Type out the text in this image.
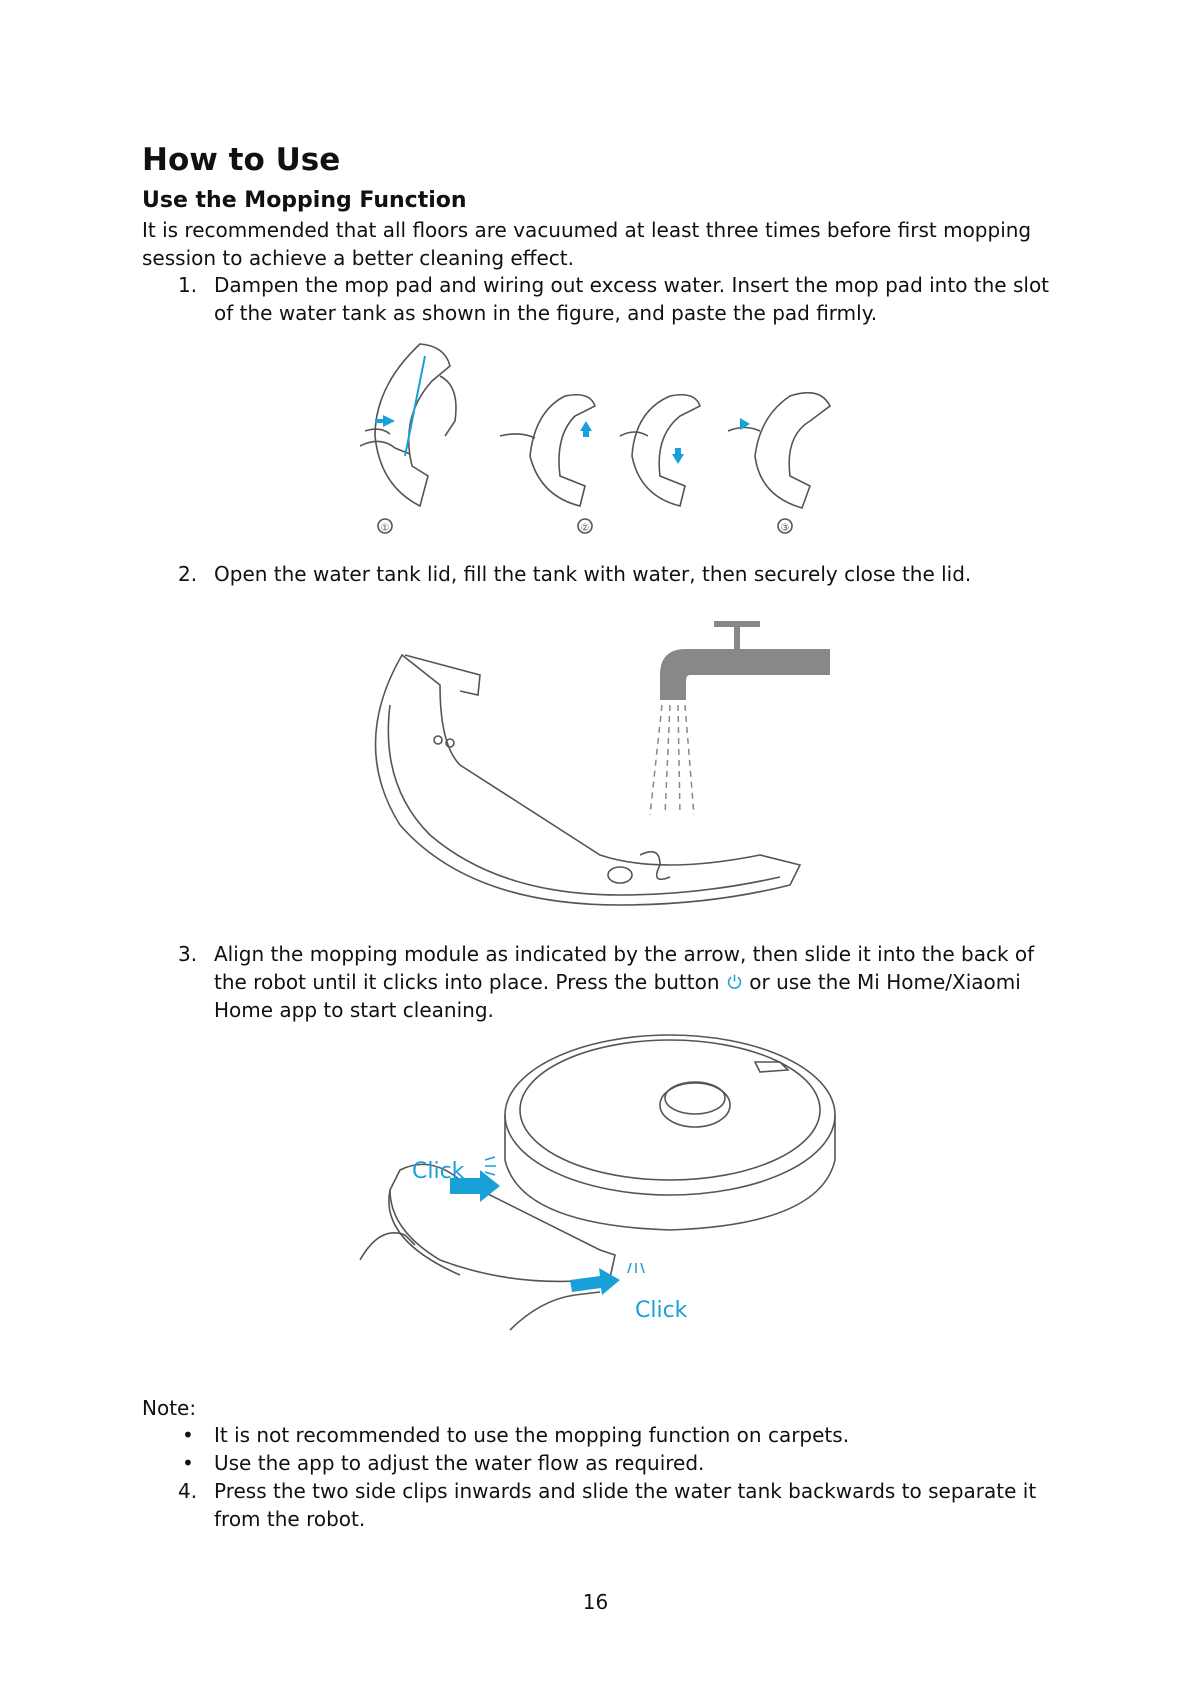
How to Use
Use the Mopping Function

It is recommended that all floors are vacuumed at least three times before first mopping session to achieve a better cleaning effect.

1. Dampen the mop pad and wiring out excess water. Insert the mop pad into the slot of the water tank as shown in the figure, and paste the pad firmly.
①	②	③
2. Open the water tank lid, fill the tank with water, then securely close the lid.
3. Align the mopping module as indicated by the arrow, then slide it into the back of the robot until it clicks into place. Press the button or use the Mi Home/Xiaomi Home app to start cleaning.
Click
Click
Note:
• It is not recommended to use the mopping function on carpets.
• Use the app to adjust the water flow as required.
4. Press the two side clips inwards and slide the water tank backwards to separate it from the robot.
16
